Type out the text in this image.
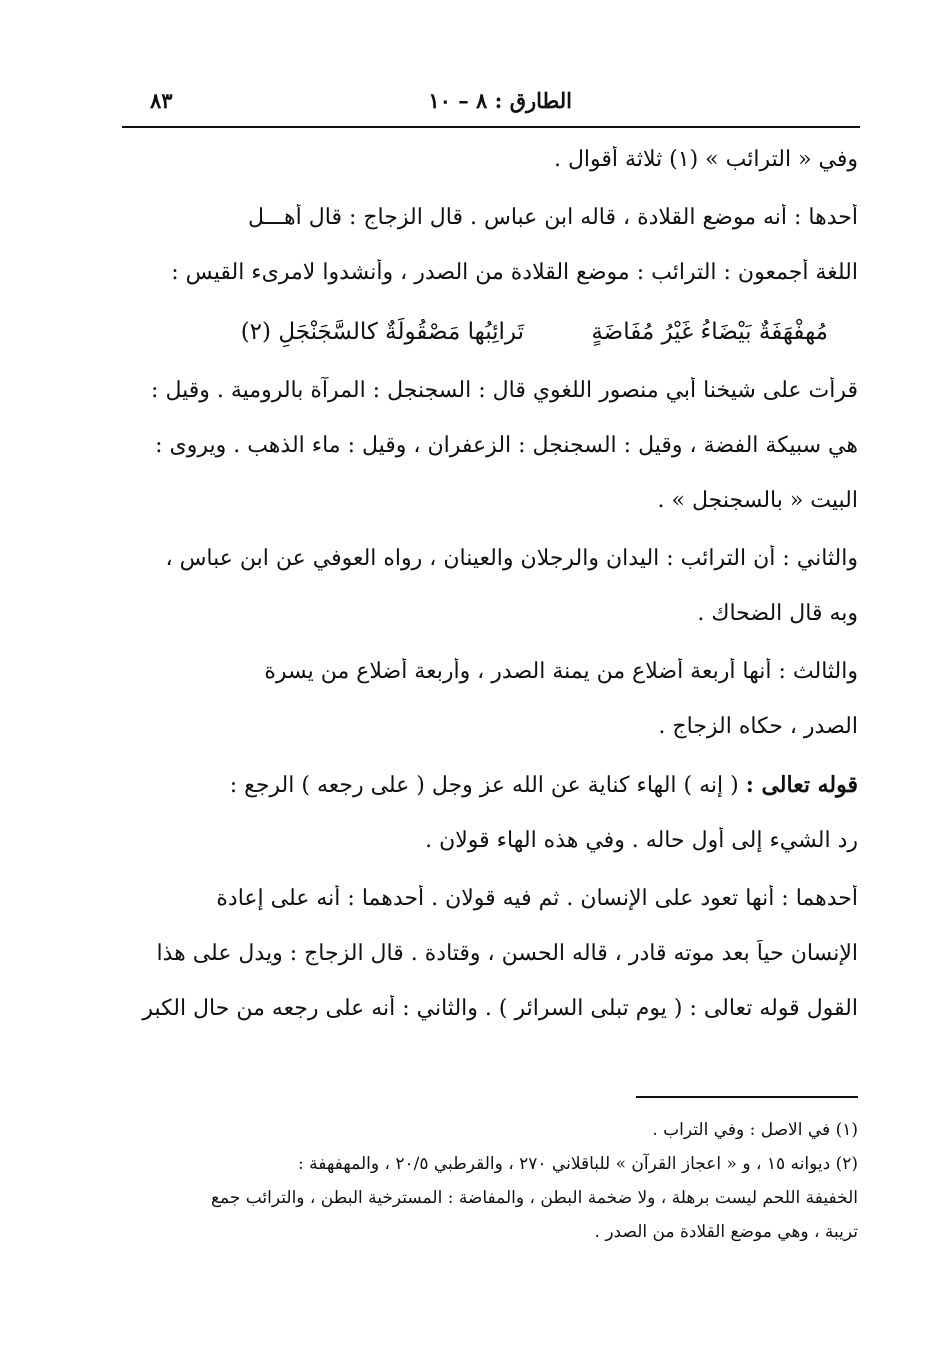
الطارق : ٨ – ١٠
٨٣
وفي « الترائب » (١) ثلاثة أقوال .
أحدها : أنه موضع القلادة ، قاله ابن عباس . قال الزجاج : قال أهـــل
اللغة أجمعون : الترائب : موضع القلادة من الصدر ، وأنشدوا لامرىء القيس :
مُهفْهَفَةٌ بَيْضَاءُ غَيْرُ مُفَاضَةٍ تَرائِبُها مَصْقُولَةٌ كالسَّجَنْجَلِ (٢)
قرأت على شيخنا أبي منصور اللغوي قال : السجنجل : المرآة بالرومية . وقيل :
هي سبيكة الفضة ، وقيل : السجنجل : الزعفران ، وقيل : ماء الذهب . ويروى :
البيت « بالسجنجل » .
والثاني : أن الترائب : اليدان والرجلان والعينان ، رواه العوفي عن ابن عباس ،
وبه قال الضحاك .
والثالث : أنها أربعة أضلاع من يمنة الصدر ، وأربعة أضلاع من يسرة
الصدر ، حكاه الزجاج .
قوله تعالى : ( إنه ) الهاء كناية عن الله عز وجل ( على رجعه ) الرجع :
رد الشيء إلى أول حاله . وفي هذه الهاء قولان .
أحدهما : أنها تعود على الإنسان . ثم فيه قولان . أحدهما : أنه على إعادة
الإنسان حياً بعد موته قادر ، قاله الحسن ، وقتادة . قال الزجاج : ويدل على هذا
القول قوله تعالى : ( يوم تبلى السرائر ) . والثاني : أنه على رجعه من حال الكبر
(١) في الاصل : وفي التراب .
(٢) ديوانه ١٥ ، و « اعجاز القرآن » للباقلاني ٢٧٠ ، والقرطبي ٢٠/٥ ، والمهفهفة :
الخفيفة اللحم ليست برهلة ، ولا ضخمة البطن ، والمفاضة : المسترخية البطن ، والترائب جمع
تريبة ، وهي موضع القلادة من الصدر .
